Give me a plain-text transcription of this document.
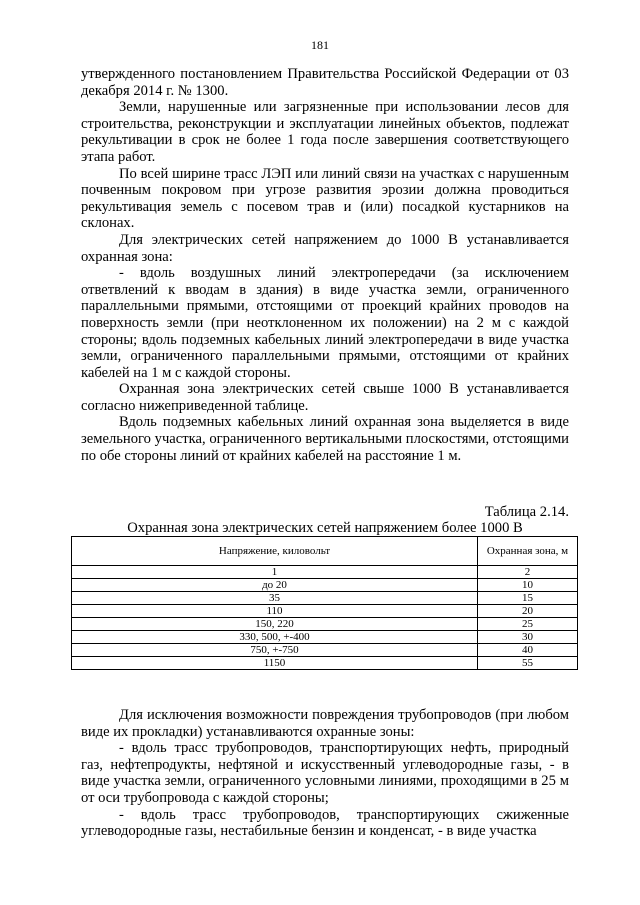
181

утвержденного постановлением Правительства Российской Федерации от 03 декабря 2014 г. № 1300.

Земли, нарушенные или загрязненные при использовании лесов для строительства, реконструкции и эксплуатации линейных объектов, подлежат рекультивации в срок не более 1 года после завершения соответствующего этапа работ.

По всей ширине трасс ЛЭП или линий связи на участках с нарушенным почвенным покровом при угрозе развития эрозии должна проводиться рекультивация земель с посевом трав и (или) посадкой кустарников на склонах.

Для электрических сетей напряжением до 1000 В устанавливается охранная зона:

- вдоль воздушных линий электропередачи (за исключением ответвлений к вводам в здания) в виде участка земли, ограниченного параллельными прямыми, отстоящими от проекций крайних проводов на поверхность земли (при неотклоненном их положении) на 2 м с каждой стороны; вдоль подземных кабельных линий электропередачи в виде участка земли, ограниченного параллельными прямыми, отстоящими от крайних кабелей на 1 м с каждой стороны.

Охранная зона электрических сетей свыше 1000 В устанавливается согласно нижеприведенной таблице.

Вдоль подземных кабельных линий охранная зона выделяется в виде земельного участка, ограниченного вертикальными плоскостями, отстоящими по обе стороны линий от крайних кабелей на расстояние 1 м.

Таблица 2.14.
Охранная зона электрических сетей напряжением более 1000 В
Напряжение, киловольт	Охранная зона, м
1	2
до 20	10
35	15
110	20
150, 220	25
330, 500, +-400	30
750, +-750	40
1150	55

Для исключения возможности повреждения трубопроводов (при любом виде их прокладки) устанавливаются охранные зоны:

- вдоль трасс трубопроводов, транспортирующих нефть, природный газ, нефтепродукты, нефтяной и искусственный углеводородные газы, - в виде участка земли, ограниченного условными линиями, проходящими в 25 м от оси трубопровода с каждой стороны;

- вдоль трасс трубопроводов, транспортирующих сжиженные углеводородные газы, нестабильные бензин и конденсат, - в виде участка
